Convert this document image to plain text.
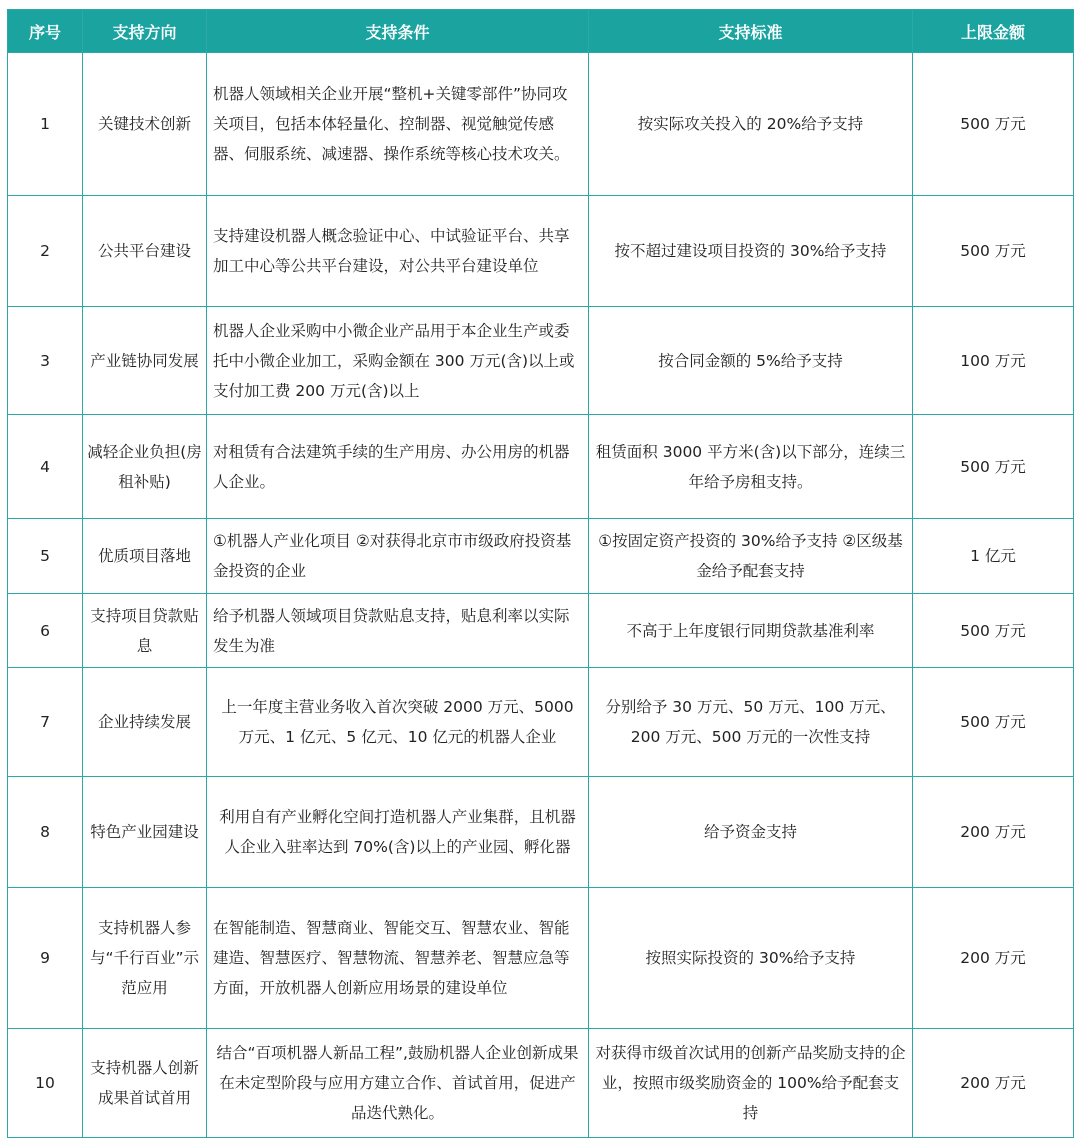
序号	支持方向	支持条件	支持标准	上限金额
1	关键技术创新	机器人领域相关企业开展“整机+关键零部件”协同攻关项目，包括本体轻量化、控制器、视觉触觉传感器、伺服系统、减速器、操作系统等核心技术攻关。	按实际攻关投入的 20%给予支持	500 万元
2	公共平台建设	支持建设机器人概念验证中心、中试验证平台、共享加工中心等公共平台建设，对公共平台建设单位	按不超过建设项目投资的 30%给予支持	500 万元
3	产业链协同发展	机器人企业采购中小微企业产品用于本企业生产或委托中小微企业加工，采购金额在 300 万元(含)以上或支付加工费 200 万元(含)以上	按合同金额的 5%给予支持	100 万元
4	减轻企业负担(房租补贴)	对租赁有合法建筑手续的生产用房、办公用房的机器人企业。	租赁面积 3000 平方米(含)以下部分，连续三年给予房租支持。	500 万元
5	优质项目落地	①机器人产业化项目 ②对获得北京市市级政府投资基金投资的企业	①按固定资产投资的 30%给予支持 ②区级基金给予配套支持	1 亿元
6	支持项目贷款贴息	给予机器人领域项目贷款贴息支持，贴息利率以实际发生为准	不高于上年度银行同期贷款基准利率	500 万元
7	企业持续发展	上一年度主营业务收入首次突破 2000 万元、5000 万元、1 亿元、5 亿元、10 亿元的机器人企业	分别给予 30 万元、50 万元、100 万元、200 万元、500 万元的一次性支持	500 万元
8	特色产业园建设	利用自有产业孵化空间打造机器人产业集群，且机器人企业入驻率达到 70%(含)以上的产业园、孵化器	给予资金支持	200 万元
9	支持机器人参与“千行百业”示范应用	在智能制造、智慧商业、智能交互、智慧农业、智能建造、智慧医疗、智慧物流、智慧养老、智慧应急等方面，开放机器人创新应用场景的建设单位	按照实际投资的 30%给予支持	200 万元
10	支持机器人创新成果首试首用	结合“百项机器人新品工程”,鼓励机器人企业创新成果在未定型阶段与应用方建立合作、首试首用，促进产品迭代熟化。	对获得市级首次试用的创新产品奖励支持的企业，按照市级奖励资金的 100%给予配套支持	200 万元
